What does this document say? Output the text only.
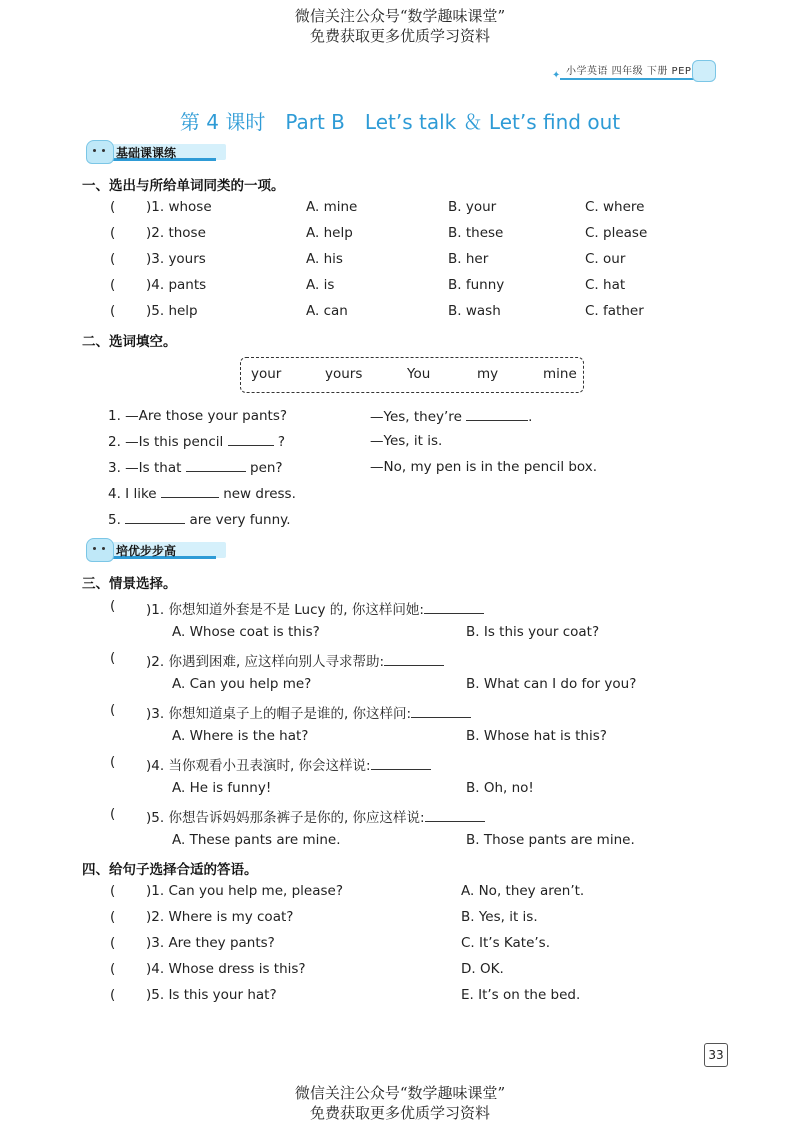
微信关注公众号“数学趣味课堂”
免费获取更多优质学习资料
✦ 小学英语 四年级 下册 PEP
第 4 课时　Part B　Let’s talk ＆ Let’s find out
基础课课练
一、选出与所给单词同类的一项。
( )1. whose	A. mine	B. your	C. where
( )2. those	A. help	B. these	C. please
( )3. yours	A. his	B. her	C. our
( )4. pants	A. is	B. funny	C. hat
( )5. help	A. can	B. wash	C. father
二、选词填空。
your	yours	You	my	mine
1. —Are those your pants?	—Yes, they’re	.
2. —Is this pencil	?	—Yes, it is.
3. —Is that	pen?	—No, my pen is in the pencil box.
4. I like	new dress.
5.	are very funny.
培优步步高
三、情景选择。
( )1. 你想知道外套是不是 Lucy 的, 你这样问她:
A. Whose coat is this?	B. Is this your coat?
( )2. 你遇到困难, 应这样向别人寻求帮助:
A. Can you help me?	B. What can I do for you?
( )3. 你想知道桌子上的帽子是谁的, 你这样问:
A. Where is the hat?	B. Whose hat is this?
( )4. 当你观看小丑表演时, 你会这样说:
A. He is funny!	B. Oh, no!
( )5. 你想告诉妈妈那条裤子是你的, 你应这样说:
A. These pants are mine.	B. Those pants are mine.
四、给句子选择合适的答语。
( )1. Can you help me, please?	A. No, they aren’t.
( )2. Where is my coat?	B. Yes, it is.
( )3. Are they pants?	C. It’s Kate’s.
( )4. Whose dress is this?	D. OK.
( )5. Is this your hat?	E. It’s on the bed.
33
微信关注公众号“数学趣味课堂”
免费获取更多优质学习资料
